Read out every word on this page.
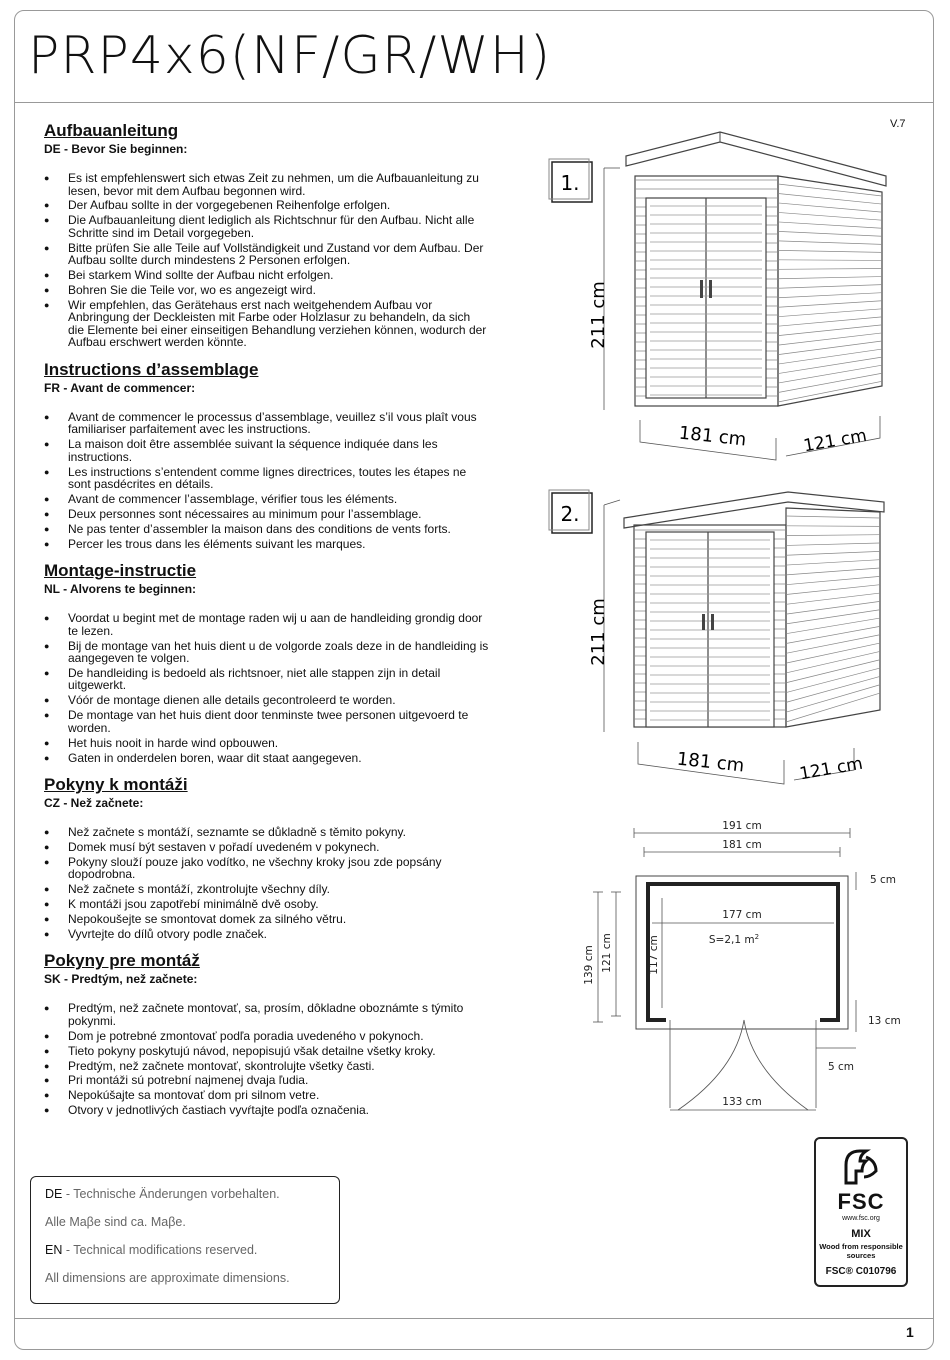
PRP4x6(NF/GR/WH)
V.7
Aufbauanleitung
DE - Bevor Sie beginnen:
● Es ist empfehlenswert sich etwas Zeit zu nehmen, um die Aufbauanleitung zu lesen, bevor mit dem Aufbau begonnen wird.
● Der Aufbau sollte in der vorgegebenen Reihenfolge erfolgen.
● Die Aufbauanleitung dient lediglich als Richtschnur für den Aufbau. Nicht alle Schritte sind im Detail vorgegeben.
● Bitte prüfen Sie alle Teile auf Vollständigkeit und Zustand vor dem Aufbau. Der Aufbau sollte durch mindestens 2 Personen erfolgen.
● Bei starkem Wind sollte der Aufbau nicht erfolgen.
● Bohren Sie die Teile vor, wo es angezeigt wird.
● Wir empfehlen, das Gerätehaus erst nach weitgehendem Aufbau vor Anbringung der Deckleisten mit Farbe oder Holzlasur zu behandeln, da sich die Elemente bei einer einseitigen Behandlung verziehen können, wodurch der Aufbau erschwert werden könnte.
Instructions d’assemblage
FR - Avant de commencer:
● Avant de commencer le processus d’assemblage, veuillez s’il vous plaît vous familiariser parfaitement avec les instructions.
● La maison doit être assemblée suivant la séquence indiquée dans les instructions.
● Les instructions s’entendent comme lignes directrices, toutes les étapes ne sont pasdécrites en détails.
● Avant de commencer l’assemblage, vérifier tous les éléments.
● Deux personnes sont nécessaires au minimum pour l’assemblage.
● Ne pas tenter d’assembler la maison dans des conditions de vents forts.
● Percer les trous dans les éléments suivant les marques.
Montage-instructie
NL - Alvorens te beginnen:
● Voordat u begint met de montage raden wij u aan de handleiding grondig door te lezen.
● Bij de montage van het huis dient u de volgorde zoals deze in de handleiding is aangegeven te volgen.
● De handleiding is bedoeld als richtsnoer, niet alle stappen zijn in detail uitgewerkt.
● Vóór de montage dienen alle details gecontroleerd te worden.
● De montage van het huis dient door tenminste twee personen uitgevoerd te worden.
● Het huis nooit in harde wind opbouwen.
● Gaten in onderdelen boren, waar dit staat aangegeven.
Pokyny k montáži
CZ - Než začnete:
● Než začnete s montáží, seznamte se důkladně s těmito pokyny.
● Domek musí být sestaven v pořadí uvedeném v pokynech.
● Pokyny slouží pouze jako vodítko, ne všechny kroky jsou zde popsány dopodrobna.
● Než začnete s montáží, zkontrolujte všechny díly.
● K montáži jsou zapotřebí minimálně dvě osoby.
● Nepokoušejte se smontovat domek za silného větru.
● Vyvrtejte do dílů otvory podle značek.
Pokyny pre montáž
SK - Predtým, než začnete:
● Predtým, než začnete montovať, sa, prosím, dôkladne oboznámte s týmito pokynmi.
● Dom je potrebné zmontovať podľa poradia uvedeného v pokynoch.
● Tieto pokyny poskytujú návod, nepopisujú však detailne všetky kroky.
● Predtým, než začnete montovať, skontrolujte všetky časti.
● Pri montáži sú potrební najmenej dvaja ľudia.
● Nepokúšajte sa montovať dom pri silnom vetre.
● Otvory v jednotlivých častiach vyvŕtajte podľa označenia.
1.
211 cm
181 cm	121 cm
2.
211 cm
181 cm	121 cm
191 cm
181 cm
177 cm
S=2,1 $m^2$
139 cm 121 cm	117 cm
5 cm
13 cm
5 cm
133 cm
FSC
www.fsc.org
MIX
Wood from responsible sources
FSC® C010796

DE - Technische Änderungen vorbehalten.

Alle Maβe sind ca. Maβe.

EN - Technical modifications reserved.

All dimensions are approximate dimensions.

1
